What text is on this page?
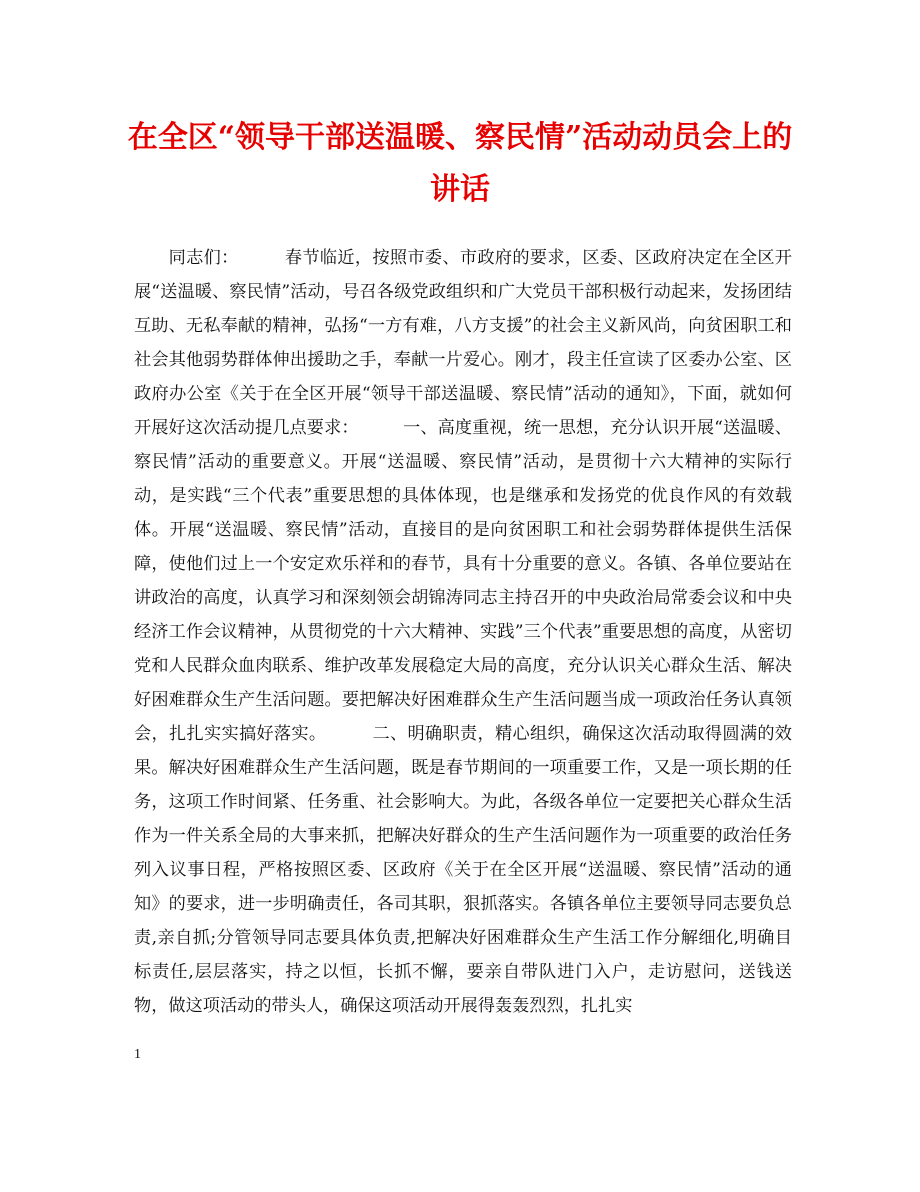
在全区“领导干部送温暖、察民情”活动动员会上的讲话

同志们：        春节临近，按照市委、市政府的要求，区委、区政府决定在全区开展“送温暖、察民情”活动，号召各级党政组织和广大党员干部积极行动起来，发扬团结互助、无私奉献的精神，弘扬“一方有难，八方支援”的社会主义新风尚，向贫困职工和社会其他弱势群体伸出援助之手，奉献一片爱心。刚才，段主任宣读了区委办公室、区政府办公室《关于在全区开展“领导干部送温暖、察民情”活动的通知》，下面，就如何开展好这次活动提几点要求：        一、高度重视，统一思想，充分认识开展“送温暖、察民情”活动的重要意义。开展“送温暖、察民情”活动，是贯彻十六大精神的实际行动，是实践“三个代表”重要思想的具体体现，也是继承和发扬党的优良作风的有效载体。开展“送温暖、察民情”活动，直接目的是向贫困职工和社会弱势群体提供生活保障，使他们过上一个安定欢乐祥和的春节，具有十分重要的意义。各镇、各单位要站在讲政治的高度，认真学习和深刻领会胡锦涛同志主持召开的中央政治局常委会议和中央经济工作会议精神，从贯彻党的十六大精神、实践”三个代表”重要思想的高度，从密切党和人民群众血肉联系、维护改革发展稳定大局的高度，充分认识关心群众生活、解决好困难群众生产生活问题。要把解决好困难群众生产生活问题当成一项政治任务认真领会，扎扎实实搞好落实。        二、明确职责，精心组织，确保这次活动取得圆满的效果。解决好困难群众生产生活问题，既是春节期间的一项重要工作，又是一项长期的任务，这项工作时间紧、任务重、社会影响大。为此，各级各单位一定要把关心群众生活作为一件关系全局的大事来抓，把解决好群众的生产生活问题作为一项重要的政治任务列入议事日程，严格按照区委、区政府《关于在全区开展“送温暖、察民情”活动的通知》的要求，进一步明确责任，各司其职，狠抓落实。各镇各单位主要领导同志要负总责,亲自抓;分管领导同志要具体负责,把解决好困难群众生产生活工作分解细化,明确目标责任,层层落实，持之以恒，长抓不懈，要亲自带队进门入户，走访慰问，送钱送物，做这项活动的带头人，确保这项活动开展得轰轰烈烈，扎扎实

1
